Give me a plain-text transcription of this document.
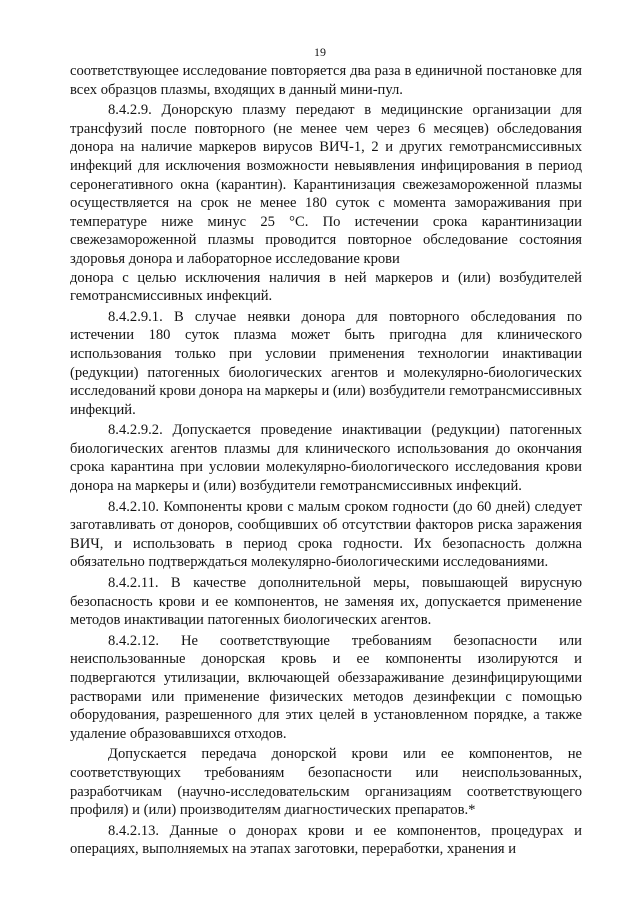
19

соответствующее исследование повторяется два раза в единичной постановке для всех образцов плазмы, входящих в данный мини-пул.

8.4.2.9. Донорскую плазму передают в медицинские организации для трансфузий после повторного (не менее чем через 6 месяцев) обследования донора на наличие маркеров вирусов ВИЧ-1, 2 и других гемотрансмиссивных инфекций для исключения возможности невыявления инфицирования в период серонегативного окна (карантин). Карантинизация свежезамороженной плазмы осуществляется на срок не менее 180 суток с момента замораживания при температуре ниже минус 25 °С. По истечении срока карантинизации свежезамороженной плазмы проводится повторное обследование состояния здоровья донора и лабораторное исследование крови

донора с целью исключения наличия в ней маркеров и (или) возбудителей гемотрансмиссивных инфекций.

8.4.2.9.1. В случае неявки донора для повторного обследования по истечении 180 суток плазма может быть пригодна для клинического использования только при условии применения технологии инактивации (редукции) патогенных биологических агентов и молекулярно-биологических исследований крови донора на маркеры и (или) возбудители гемотрансмиссивных инфекций.

8.4.2.9.2. Допускается проведение инактивации (редукции) патогенных биологических агентов плазмы для клинического использования до окончания срока карантина при условии молекулярно-биологического исследования крови донора на маркеры и (или) возбудители гемотрансмиссивных инфекций.

8.4.2.10. Компоненты крови с малым сроком годности (до 60 дней) следует заготавливать от доноров, сообщивших об отсутствии факторов риска заражения ВИЧ, и использовать в период срока годности. Их безопасность должна обязательно подтверждаться молекулярно-биологическими исследованиями.

8.4.2.11. В качестве дополнительной меры, повышающей вирусную безопасность крови и ее компонентов, не заменяя их, допускается применение методов инактивации патогенных биологических агентов.

8.4.2.12. Не соответствующие требованиям безопасности или неиспользованные донорская кровь и ее компоненты изолируются и подвергаются утилизации, включающей обеззараживание дезинфицирующими растворами или применение физических методов дезинфекции с помощью оборудования, разрешенного для этих целей в установленном порядке, а также удаление образовавшихся отходов.

Допускается передача донорской крови или ее компонентов, не соответствующих требованиям безопасности или неиспользованных, разработчикам (научно-исследовательским организациям соответствующего профиля) и (или) производителям диагностических препаратов.*

8.4.2.13. Данные о донорах крови и ее компонентов, процедурах и операциях, выполняемых на этапах заготовки, переработки, хранения и
